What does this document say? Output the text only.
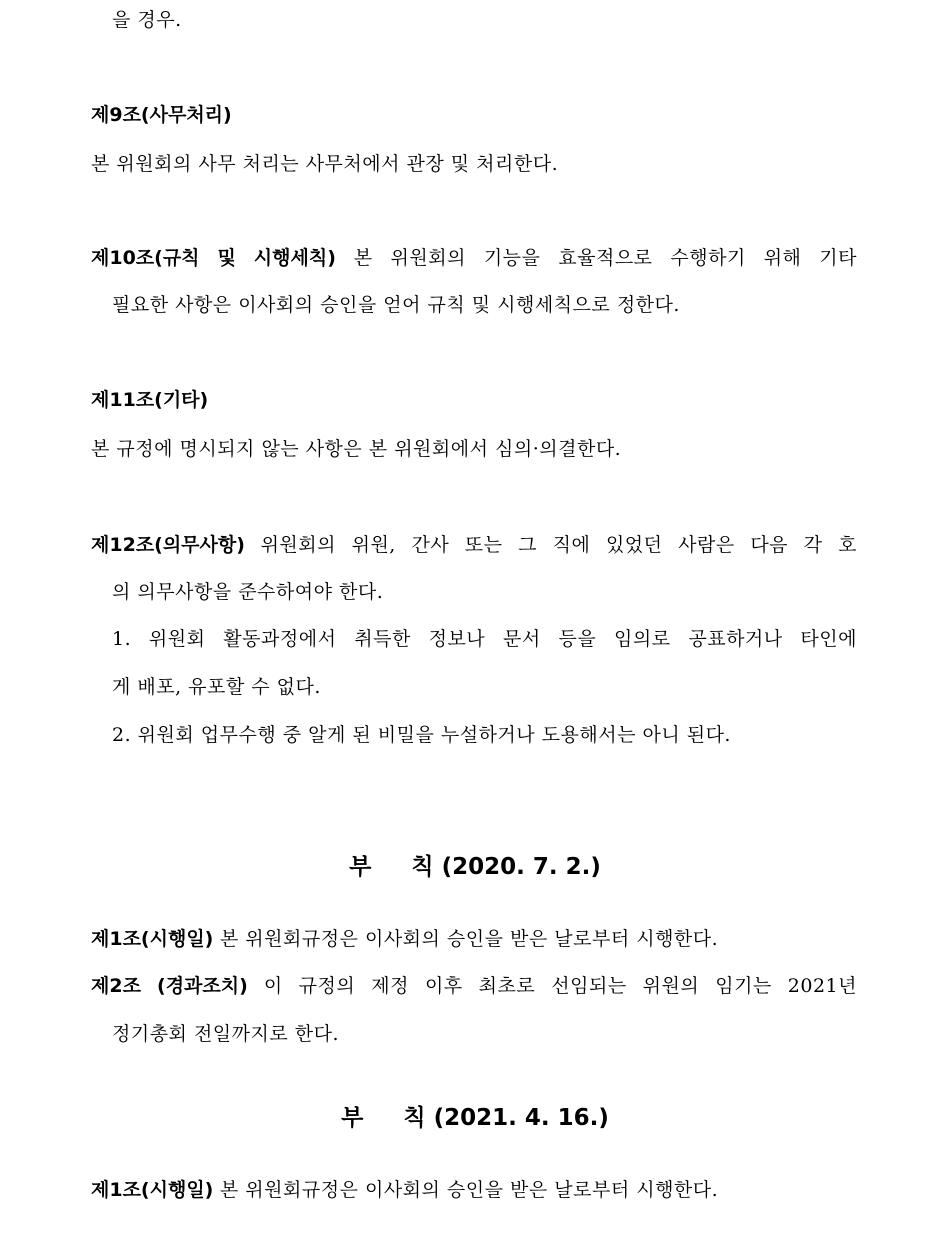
을 경우.
제9조(사무처리)
본 위원회의 사무 처리는 사무처에서 관장 및 처리한다.
제10조(규칙 및 시행세칙) 본 위원회의 기능을 효율적으로 수행하기 위해 기타
필요한 사항은 이사회의 승인을 얻어 규칙 및 시행세칙으로 정한다.
제11조(기타)
본 규정에 명시되지 않는 사항은 본 위원회에서 심의·의결한다.
제12조(의무사항) 위원회의 위원, 간사 또는 그 직에 있었던 사람은 다음 각 호
의 의무사항을 준수하여야 한다.
1. 위원회 활동과정에서 취득한 정보나 문서 등을 임의로 공표하거나 타인에
게 배포, 유포할 수 없다.
2. 위원회 업무수행 중 알게 된 비밀을 누설하거나 도용해서는 아니 된다.
부 칙 (2020. 7. 2.)
제1조(시행일) 본 위원회규정은 이사회의 승인을 받은 날로부터 시행한다.
제2조 (경과조치) 이 규정의 제정 이후 최초로 선임되는 위원의 임기는 2021년
정기총회 전일까지로 한다.
부 칙 (2021. 4. 16.)
제1조(시행일) 본 위원회규정은 이사회의 승인을 받은 날로부터 시행한다.
